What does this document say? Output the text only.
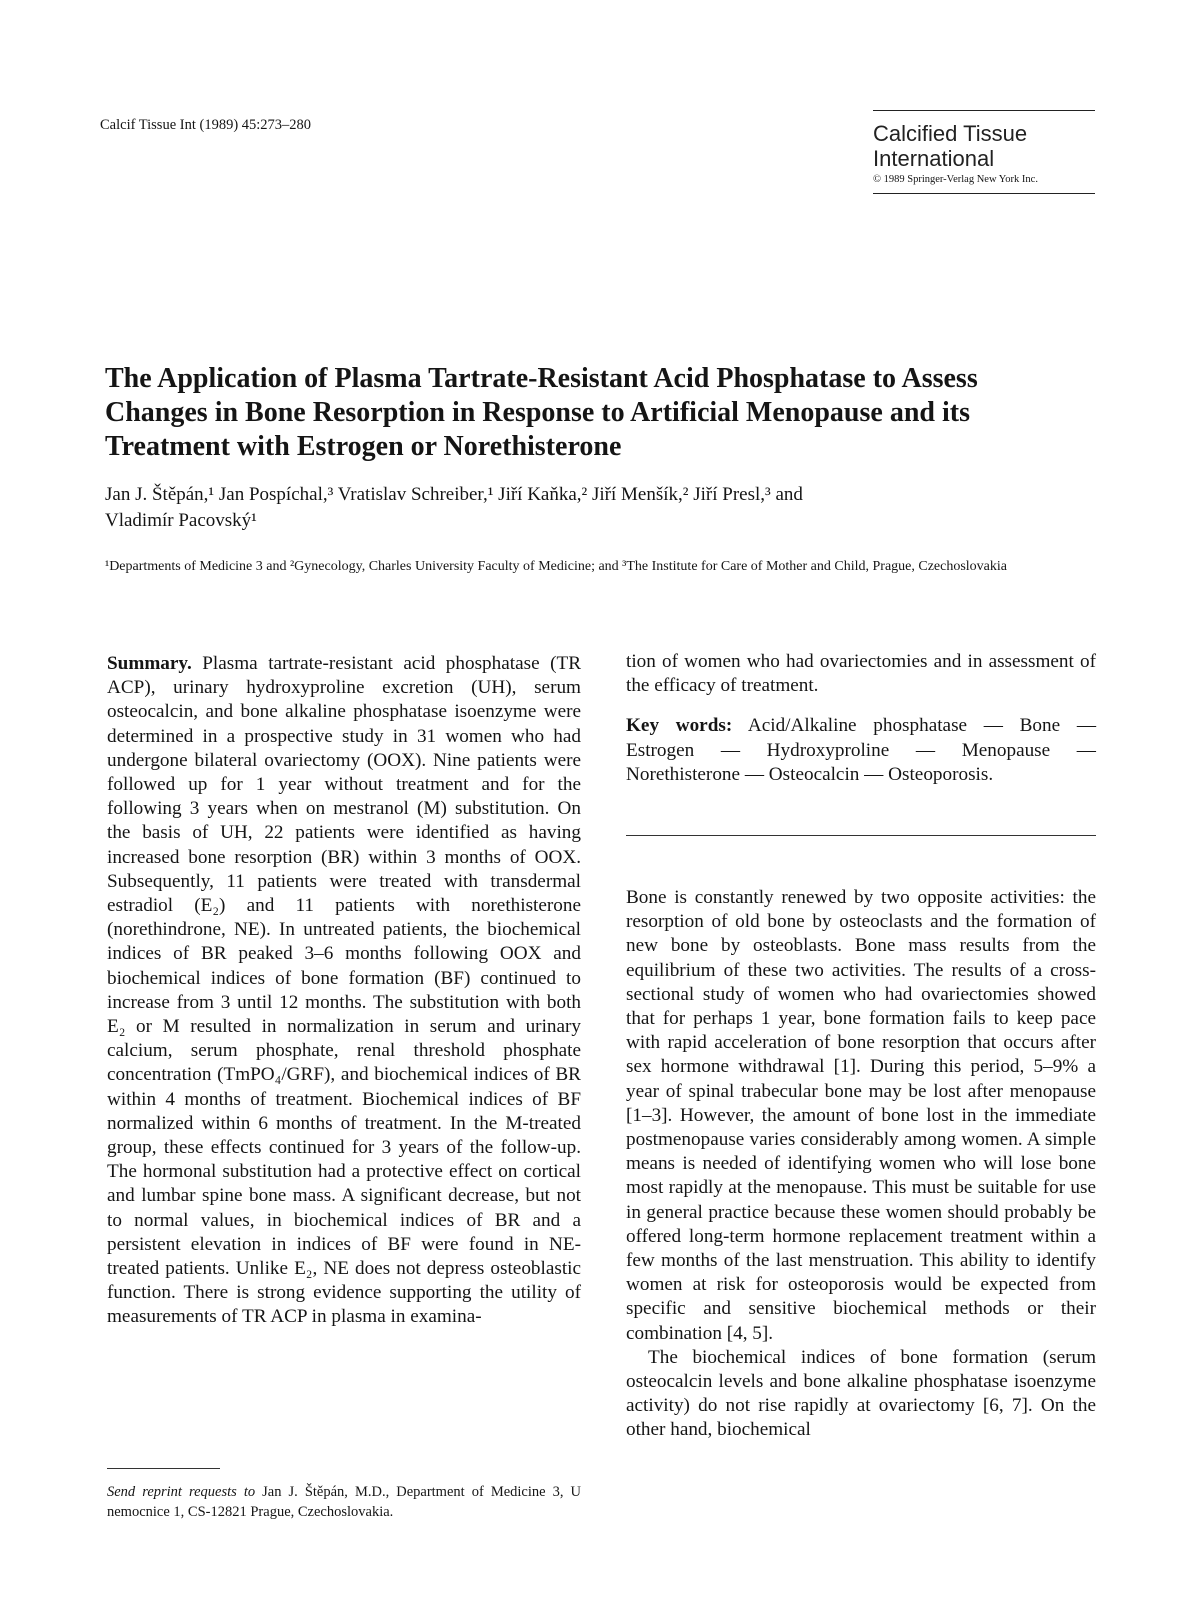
Calcif Tissue Int (1989) 45:273–280	Calcified Tissue
International
© 1989 Springer-Verlag New York Inc.
The Application of Plasma Tartrate-Resistant Acid Phosphatase to Assess
Changes in Bone Resorption in Response to Artificial Menopause and its
Treatment with Estrogen or Norethisterone
Jan J. Štěpán,¹ Jan Pospíchal,³ Vratislav Schreiber,¹ Jiří Kaňka,² Jiří Menšík,² Jiří Presl,³ and
Vladimír Pacovský¹
¹Departments of Medicine 3 and ²Gynecology, Charles University Faculty of Medicine; and ³The Institute for Care of Mother and Child, Prague, Czechoslovakia

Summary. Plasma tartrate-resistant acid phosphatase (TR ACP), urinary hydroxyproline excretion (UH), serum osteocalcin, and bone alkaline phosphatase isoenzyme were determined in a prospective study in 31 women who had undergone bilateral ovariectomy (OOX). Nine patients were followed up for 1 year without treatment and for the following 3 years when on mestranol (M) substitution. On the basis of UH, 22 patients were identified as having increased bone resorption (BR) within 3 months of OOX. Subsequently, 11 patients were treated with transdermal estradiol (E₂) and 11 patients with norethisterone (norethindrone, NE). In untreated patients, the biochemical indices of BR peaked 3–6 months following OOX and biochemical indices of bone formation (BF) continued to increase from 3 until 12 months. The substitution with both E₂ or M resulted in normalization in serum and urinary calcium, serum phosphate, renal threshold phosphate concentration (TmPO₄/GRF), and biochemical indices of BR within 4 months of treatment. Biochemical indices of BF normalized within 6 months of treatment. In the M-treated group, these effects continued for 3 years of the follow-up. The hormonal substitution had a protective effect on cortical and lumbar spine bone mass. A significant decrease, but not to normal values, in biochemical indices of BR and a persistent elevation in indices of BF were found in NE-treated patients. Unlike E₂, NE does not depress osteoblastic function. There is strong evidence supporting the utility of measurements of TR ACP in plasma in examina-

tion of women who had ovariectomies and in assessment of the efficacy of treatment.

Key words: Acid/Alkaline phosphatase — Bone — Estrogen — Hydroxyproline — Menopause — Norethisterone — Osteocalcin — Osteoporosis.

Bone is constantly renewed by two opposite activities: the resorption of old bone by osteoclasts and the formation of new bone by osteoblasts. Bone mass results from the equilibrium of these two activities. The results of a cross-sectional study of women who had ovariectomies showed that for perhaps 1 year, bone formation fails to keep pace with rapid acceleration of bone resorption that occurs after sex hormone withdrawal [1]. During this period, 5–9% a year of spinal trabecular bone may be lost after menopause [1–3]. However, the amount of bone lost in the immediate postmenopause varies considerably among women. A simple means is needed of identifying women who will lose bone most rapidly at the menopause. This must be suitable for use in general practice because these women should probably be offered long-term hormone replacement treatment within a few months of the last menstruation. This ability to identify women at risk for osteoporosis would be expected from specific and sensitive biochemical methods or their combination [4, 5].

The biochemical indices of bone formation (serum osteocalcin levels and bone alkaline phosphatase isoenzyme activity) do not rise rapidly at ovariectomy [6, 7]. On the other hand, biochemical

Send reprint requests to Jan J. Štěpán, M.D., Department of Medicine 3, U nemocnice 1, CS-12821 Prague, Czechoslovakia.
